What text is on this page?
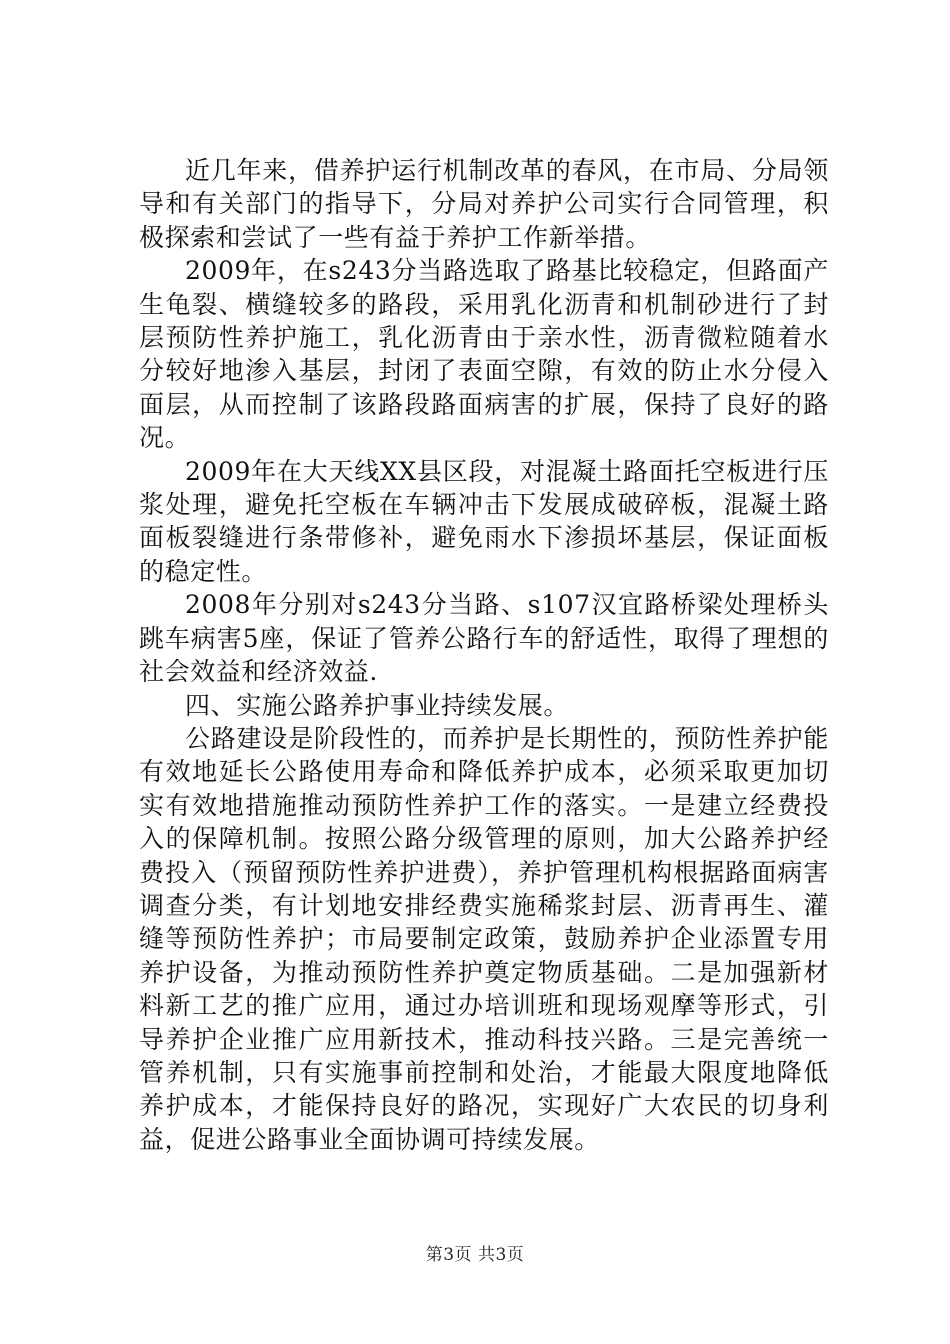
近几年来，借养护运行机制改革的春风，在市局、分局领导和有关部门的指导下，分局对养护公司实行合同管理，积极探索和尝试了一些有益于养护工作新举措。

2009年，在s243分当路选取了路基比较稳定，但路面产生龟裂、横缝较多的路段，采用乳化沥青和机制砂进行了封层预防性养护施工，乳化沥青由于亲水性，沥青微粒随着水分较好地渗入基层，封闭了表面空隙，有效的防止水分侵入面层，从而控制了该路段路面病害的扩展，保持了良好的路况。

2009年在大天线XX县区段，对混凝土路面托空板进行压浆处理，避免托空板在车辆冲击下发展成破碎板，混凝土路面板裂缝进行条带修补，避免雨水下渗损坏基层，保证面板的稳定性。

2008年分别对s243分当路、s107汉宜路桥梁处理桥头跳车病害5座，保证了管养公路行车的舒适性，取得了理想的社会效益和经济效益.

四、实施公路养护事业持续发展。

公路建设是阶段性的，而养护是长期性的，预防性养护能有效地延长公路使用寿命和降低养护成本，必须采取更加切实有效地措施推动预防性养护工作的落实。一是建立经费投入的保障机制。按照公路分级管理的原则，加大公路养护经费投入（预留预防性养护进费），养护管理机构根据路面病害调查分类，有计划地安排经费实施稀浆封层、沥青再生、灌缝等预防性养护；市局要制定政策，鼓励养护企业添置专用养护设备，为推动预防性养护奠定物质基础。二是加强新材料新工艺的推广应用，通过办培训班和现场观摩等形式，引导养护企业推广应用新技术，推动科技兴路。三是完善统一管养机制，只有实施事前控制和处治，才能最大限度地降低养护成本，才能保持良好的路况，实现好广大农民的切身利益，促进公路事业全面协调可持续发展。

第3页 共3页
